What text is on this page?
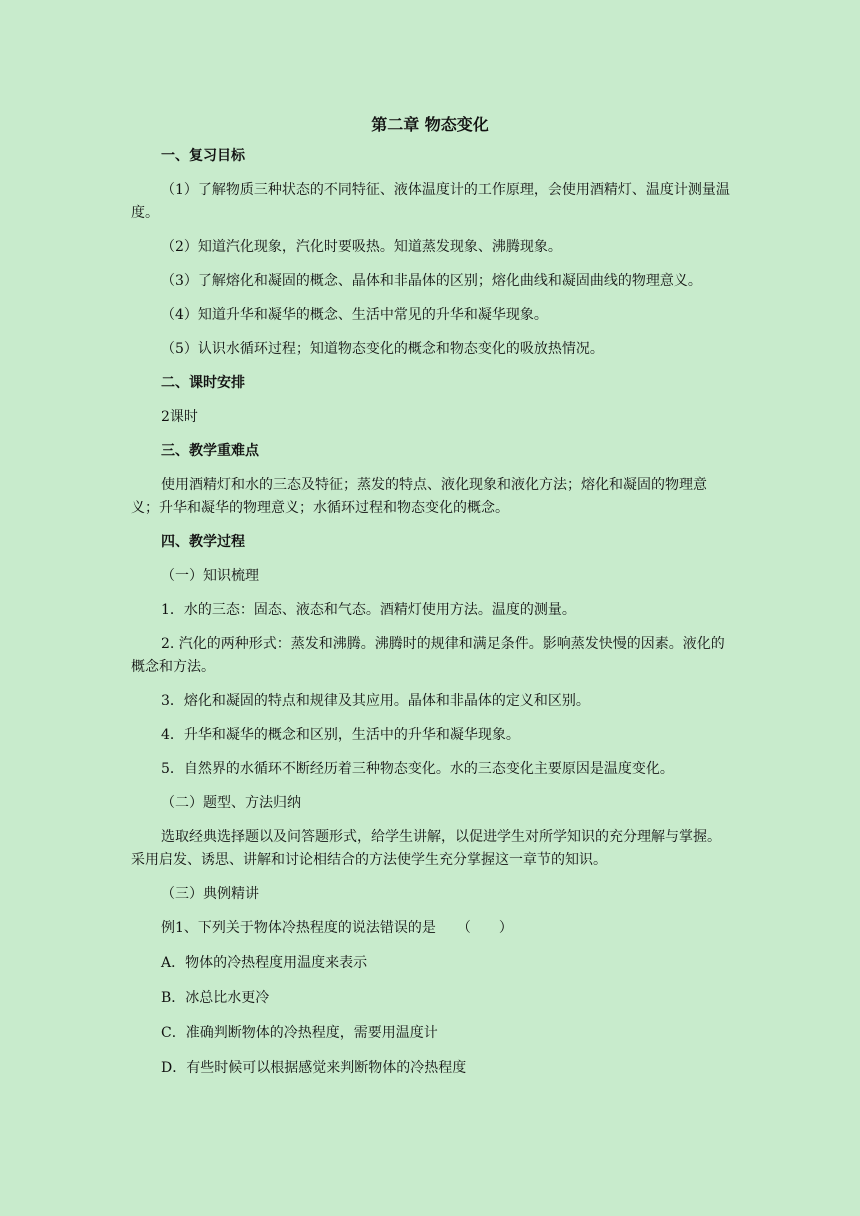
第二章 物态变化
一、复习目标
（1）了解物质三种状态的不同特征、液体温度计的工作原理，会使用酒精灯、温度计测量温度。
（2）知道汽化现象，汽化时要吸热。知道蒸发现象、沸腾现象。
（3）了解熔化和凝固的概念、晶体和非晶体的区别；熔化曲线和凝固曲线的物理意义。
（4）知道升华和凝华的概念、生活中常见的升华和凝华现象。
（5）认识水循环过程；知道物态变化的概念和物态变化的吸放热情况。
二、课时安排
2课时
三、教学重难点
使用酒精灯和水的三态及特征；蒸发的特点、液化现象和液化方法；熔化和凝固的物理意义；升华和凝华的物理意义；水循环过程和物态变化的概念。
四、教学过程
（一）知识梳理
1．水的三态：固态、液态和气态。酒精灯使用方法。温度的测量。
2. 汽化的两种形式：蒸发和沸腾。沸腾时的规律和满足条件。影响蒸发快慢的因素。液化的概念和方法。
3．熔化和凝固的特点和规律及其应用。晶体和非晶体的定义和区别。
4．升华和凝华的概念和区别，生活中的升华和凝华现象。
5．自然界的水循环不断经历着三种物态变化。水的三态变化主要原因是温度变化。
（二）题型、方法归纳
选取经典选择题以及问答题形式，给学生讲解，以促进学生对所学知识的充分理解与掌握。采用启发、诱思、讲解和讨论相结合的方法使学生充分掌握这一章节的知识。
（三）典例精讲
例1、下列关于物体冷热程度的说法错误的是　　（　　）
A．物体的冷热程度用温度来表示
B．冰总比水更冷
C．准确判断物体的冷热程度，需要用温度计
D．有些时候可以根据感觉来判断物体的冷热程度
